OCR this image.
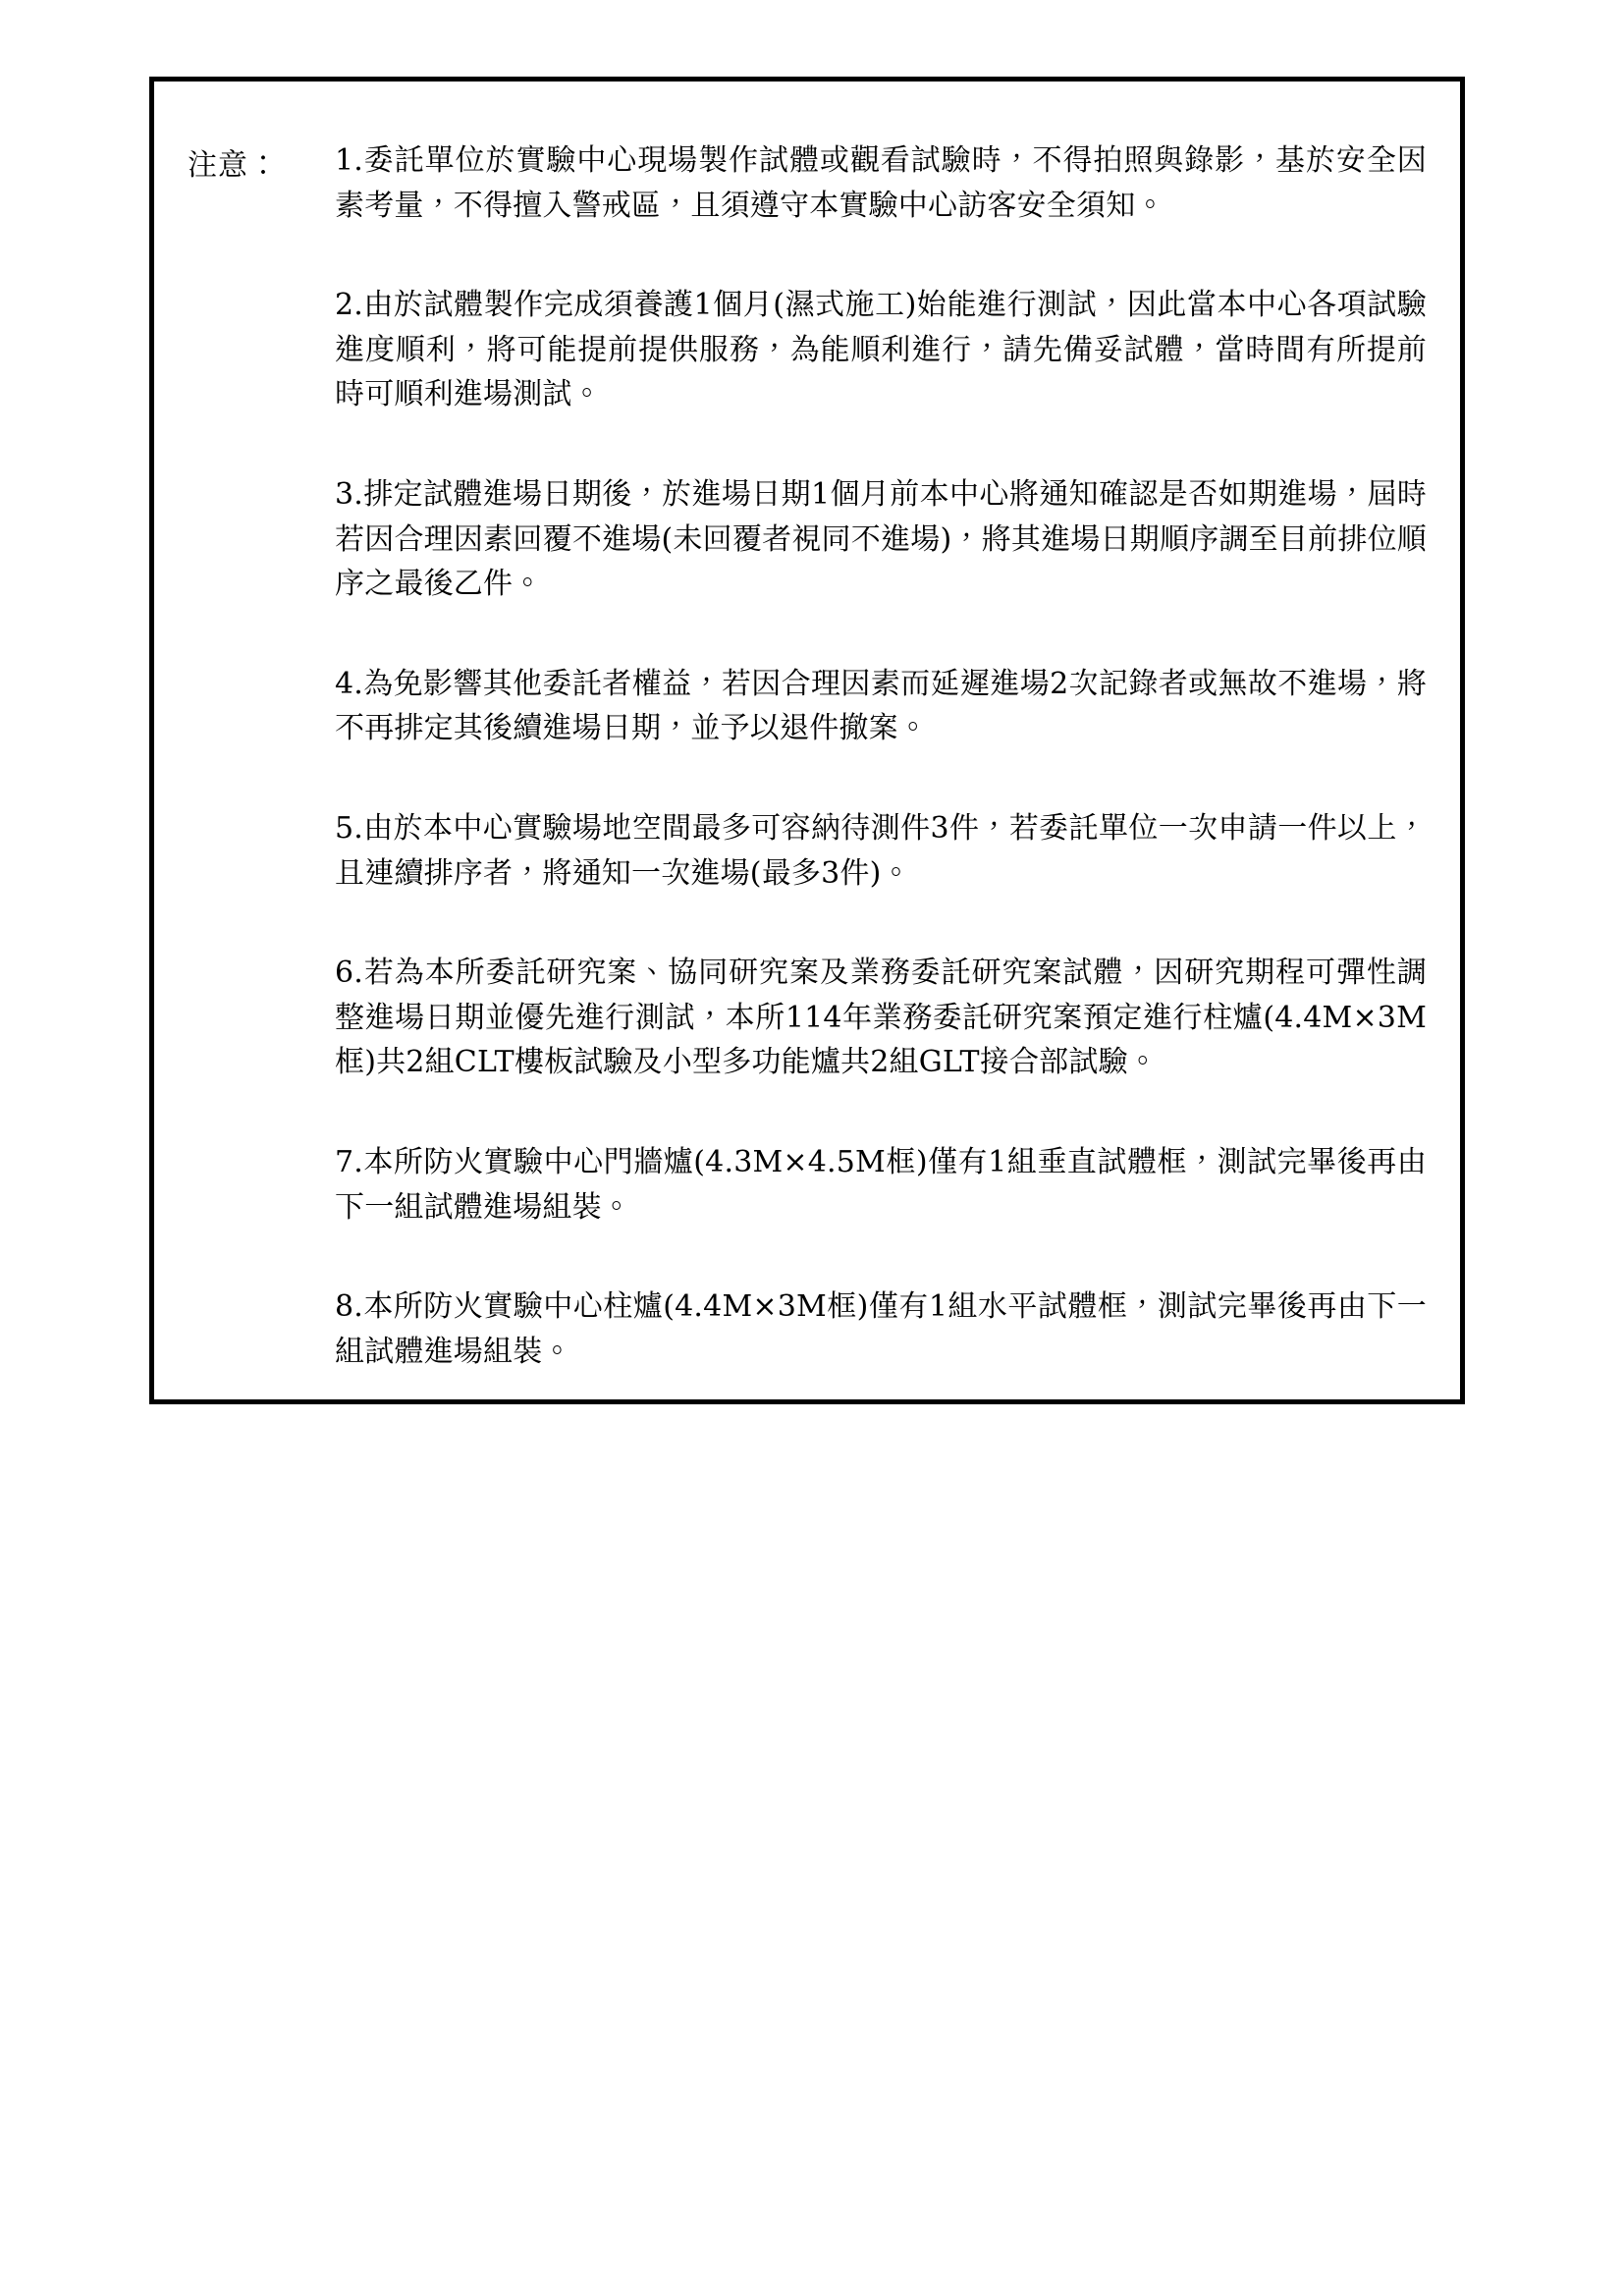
注意：	1.委託單位於實驗中心現場製作試體或觀看試驗時，不得拍照與錄影，基於安全因素考量，不得擅入警戒區，且須遵守本實驗中心訪客安全須知。

2.由於試體製作完成須養護1個月(濕式施工)始能進行測試，因此當本中心各項試驗進度順利，將可能提前提供服務，為能順利進行，請先備妥試體，當時間有所提前時可順利進場測試。

3.排定試體進場日期後，於進場日期1個月前本中心將通知確認是否如期進場，屆時若因合理因素回覆不進場(未回覆者視同不進場)，將其進場日期順序調至目前排位順序之最後乙件。

4.為免影響其他委託者權益，若因合理因素而延遲進場2次記錄者或無故不進場，將不再排定其後續進場日期，並予以退件撤案。

5.由於本中心實驗場地空間最多可容納待測件3件，若委託單位一次申請一件以上，且連續排序者，將通知一次進場(最多3件)。

6.若為本所委託研究案、協同研究案及業務委託研究案試體，因研究期程可彈性調整進場日期並優先進行測試，本所114年業務委託研究案預定進行柱爐(4.4M×3M框)共2組CLT樓板試驗及小型多功能爐共2組GLT接合部試驗。

7.本所防火實驗中心門牆爐(4.3M×4.5M框)僅有1組垂直試體框，測試完畢後再由下一組試體進場組裝。

8.本所防火實驗中心柱爐(4.4M×3M框)僅有1組水平試體框，測試完畢後再由下一組試體進場組裝。
